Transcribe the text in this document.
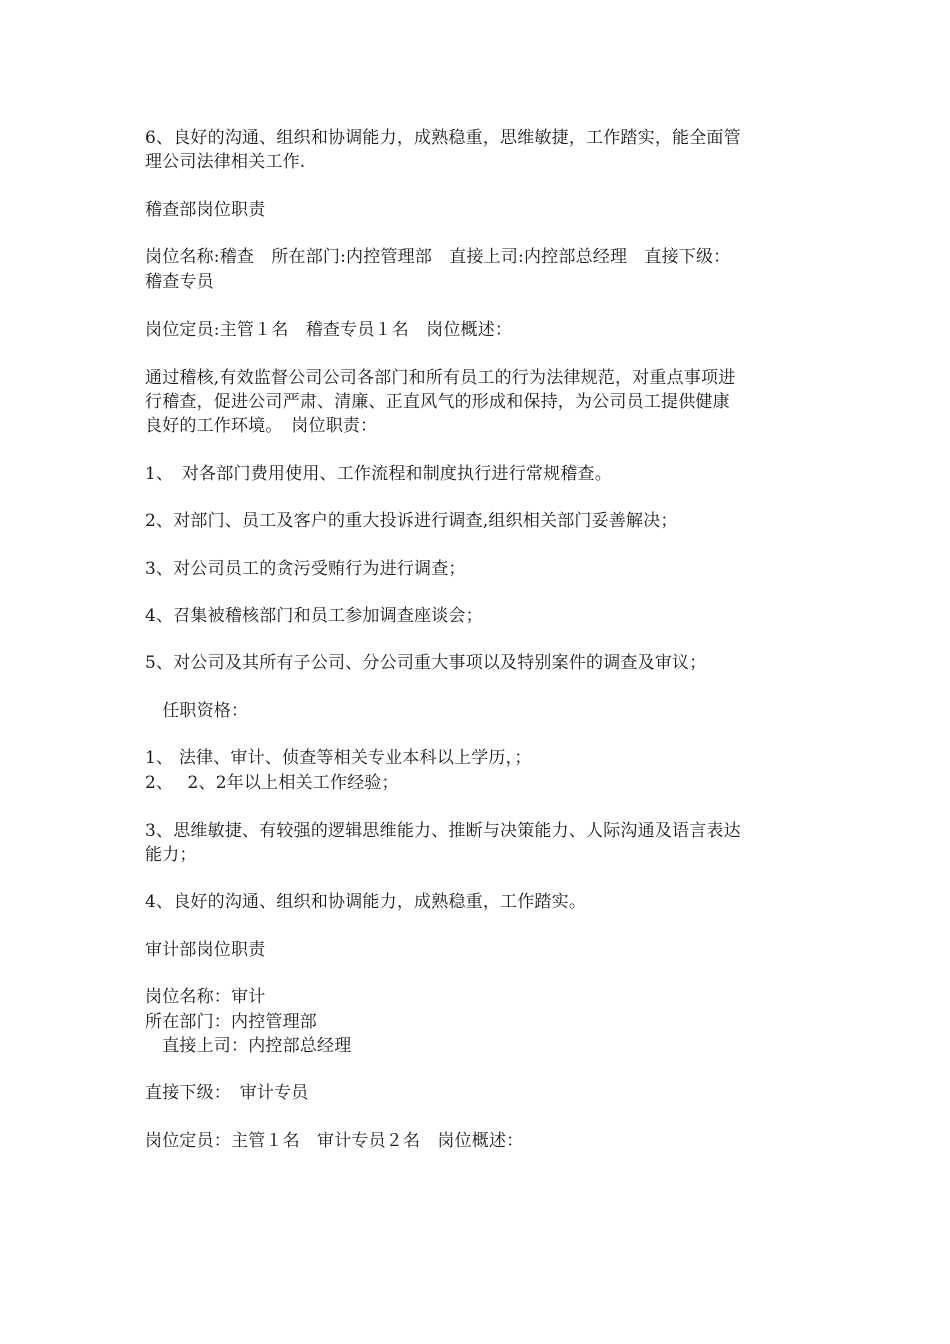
6、良好的沟通、组织和协调能力，成熟稳重，思维敏捷，工作踏实，能全面管
理公司法律相关工作.
稽查部岗位职责
岗位名称:稽查　所在部门:内控管理部　直接上司:内控部总经理　直接下级：
稽查专员
岗位定员:主管１名　稽查专员１名　岗位概述：
通过稽核,有效监督公司公司各部门和所有员工的行为法律规范，对重点事项进
行稽查，促进公司严肃、清廉、正直风气的形成和保持，为公司员工提供健康
良好的工作环境。　岗位职责：
1、　对各部门费用使用、工作流程和制度执行进行常规稽查。
2、对部门、员工及客户的重大投诉进行调查,组织相关部门妥善解决；
3、对公司员工的贪污受贿行为进行调查；
4、召集被稽核部门和员工参加调查座谈会；
5、对公司及其所有子公司、分公司重大事项以及特别案件的调查及审议；
　任职资格：
1、 法律、审计、侦查等相关专业本科以上学历，；
2、　 2、2年以上相关工作经验；
3、思维敏捷、有较强的逻辑思维能力、推断与决策能力、人际沟通及语言表达
能力；
4、良好的沟通、组织和协调能力，成熟稳重，工作踏实。
审计部岗位职责
岗位名称：审计
所在部门：内控管理部
　直接上司：内控部总经理
直接下级：　审计专员
岗位定员：主管１名　审计专员２名　岗位概述：
